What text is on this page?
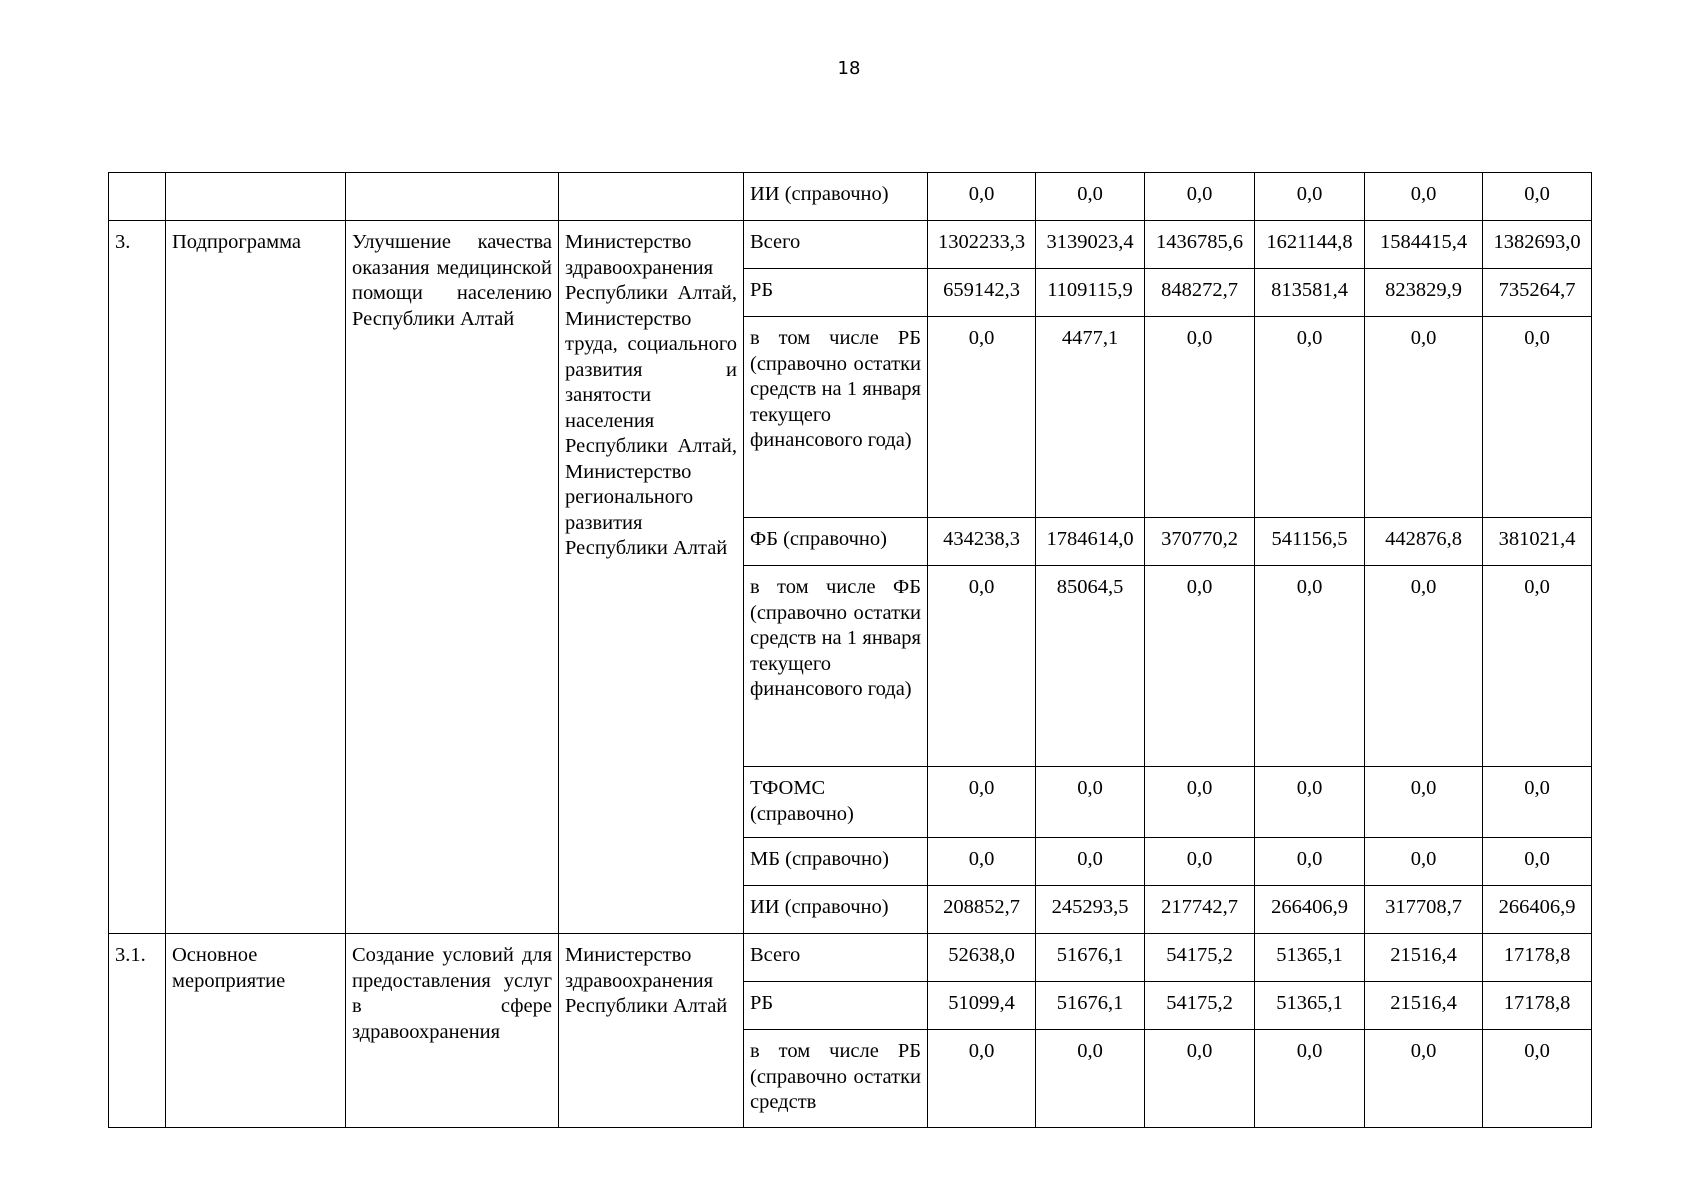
18
				ИИ (справочно)	0,0	0,0	0,0	0,0	0,0	0,0
3.	Подпрограмма	Улучшение качества оказания медицинской помощи населению Республики Алтай	Министерство здравоохранения Республики Алтай, Министерство труда, социального развития и занятости населения Республики Алтай, Министерство регионального развития Республики Алтай	Всего	1302233,3	3139023,4	1436785,6	1621144,8	1584415,4	1382693,0
				РБ	659142,3	1109115,9	848272,7	813581,4	823829,9	735264,7
				в том числе РБ (справочно остатки средств на 1 января текущего финансового года)	0,0	4477,1	0,0	0,0	0,0	0,0
				ФБ (справочно)	434238,3	1784614,0	370770,2	541156,5	442876,8	381021,4
				в том числе ФБ (справочно остатки средств на 1 января текущего финансового года)	0,0	85064,5	0,0	0,0	0,0	0,0
				ТФОМС (справочно)	0,0	0,0	0,0	0,0	0,0	0,0
				МБ (справочно)	0,0	0,0	0,0	0,0	0,0	0,0
				ИИ (справочно)	208852,7	245293,5	217742,7	266406,9	317708,7	266406,9
3.1.	Основное мероприятие	Создание условий для предоставления услуг в сфере здравоохранения	Министерство здравоохранения Республики Алтай	Всего	52638,0	51676,1	54175,2	51365,1	21516,4	17178,8
				РБ	51099,4	51676,1	54175,2	51365,1	21516,4	17178,8
				в том числе РБ (справочно остатки средств	0,0	0,0	0,0	0,0	0,0	0,0
